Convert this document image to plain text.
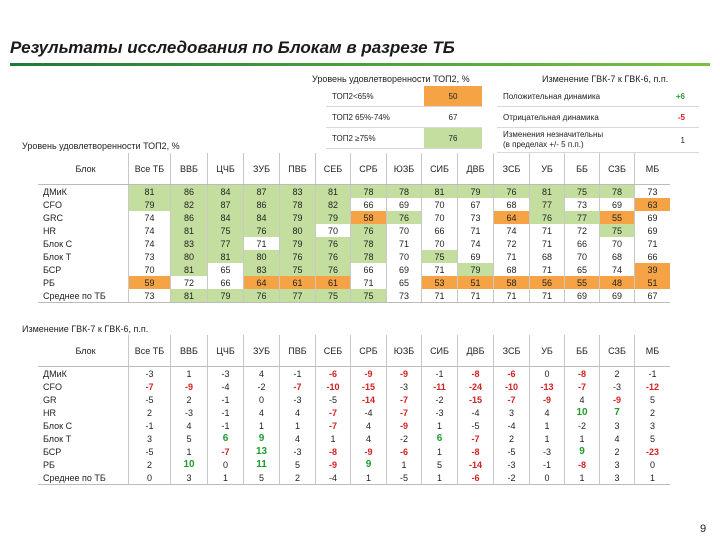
Результаты исследования по Блокам в разрезе ТБ
Уровень удовлетворенности ТОП2, %	Изменение ГВК-7 к ГВК-6, п.п.
ТОП2<65%	50
ТОП2 65%-74%	67
ТОП2 ≥75%	76
Положительная динамика	+6
Отрицательная динамика	-5
Изменения незначительны
(в пределах +/- 5 п.п.)	1
Уровень удовлетворенности ТОП2, %
Блок	Все ТБ	ВВБ	ЦЧБ	ЗУБ	ПВБ	СЕБ	СРБ	ЮЗБ	СИБ	ДВБ	ЗСБ	УБ	ББ	СЗБ	МБ
ДМиК	81	86	84	87	83	81	78	78	81	79	76	81	75	78	73
CFO	79	82	87	86	78	82	66	69	70	67	68	77	73	69	63
GRC	74	86	84	84	79	79	58	76	70	73	64	76	77	55	69
HR	74	81	75	76	80	70	76	70	66	71	74	71	72	75	69
Блок С	74	83	77	71	79	76	78	71	70	74	72	71	66	70	71
Блок Т	73	80	81	80	76	76	78	70	75	69	71	68	70	68	66
БСР	70	81	65	83	75	76	66	69	71	79	68	71	65	74	39
РБ	59	72	66	64	61	61	71	65	53	51	58	56	55	48	51
Среднее по ТБ	73	81	79	76	77	75	75	73	71	71	71	71	69	69	67
Изменение ГВК-7 к ГВК-6, п.п.
Блок	Все ТБ	ВВБ	ЦЧБ	ЗУБ	ПВБ	СЕБ	СРБ	ЮЗБ	СИБ	ДВБ	ЗСБ	УБ	ББ	СЗБ	МБ
ДМиК	-3	1	-3	4	-1	-6	-9	-9	-1	-8	-6	0	-8	2	-1
CFO	-7	-9	-4	-2	-7	-10	-15	-3	-11	-24	-10	-13	-7	-3	-12
GR	-5	2	-1	0	-3	-5	-14	-7	-2	-15	-7	-9	4	-9	5
HR	2	-3	-1	4	4	-7	-4	-7	-3	-4	3	4	10	7	2
Блок С	-1	4	-1	1	1	-7	4	-9	1	-5	-4	1	-2	3	3
Блок Т	3	5	6	9	4	1	4	-2	6	-7	2	1	1	4	5
БСР	-5	1	-7	13	-3	-8	-9	-6	1	-8	-5	-3	9	2	-23
РБ	2	10	0	11	5	-9	9	1	5	-14	-3	-1	-8	3	0
Среднее по ТБ	0	3	1	5	2	-4	1	-5	1	-6	-2	0	1	3	1
9
